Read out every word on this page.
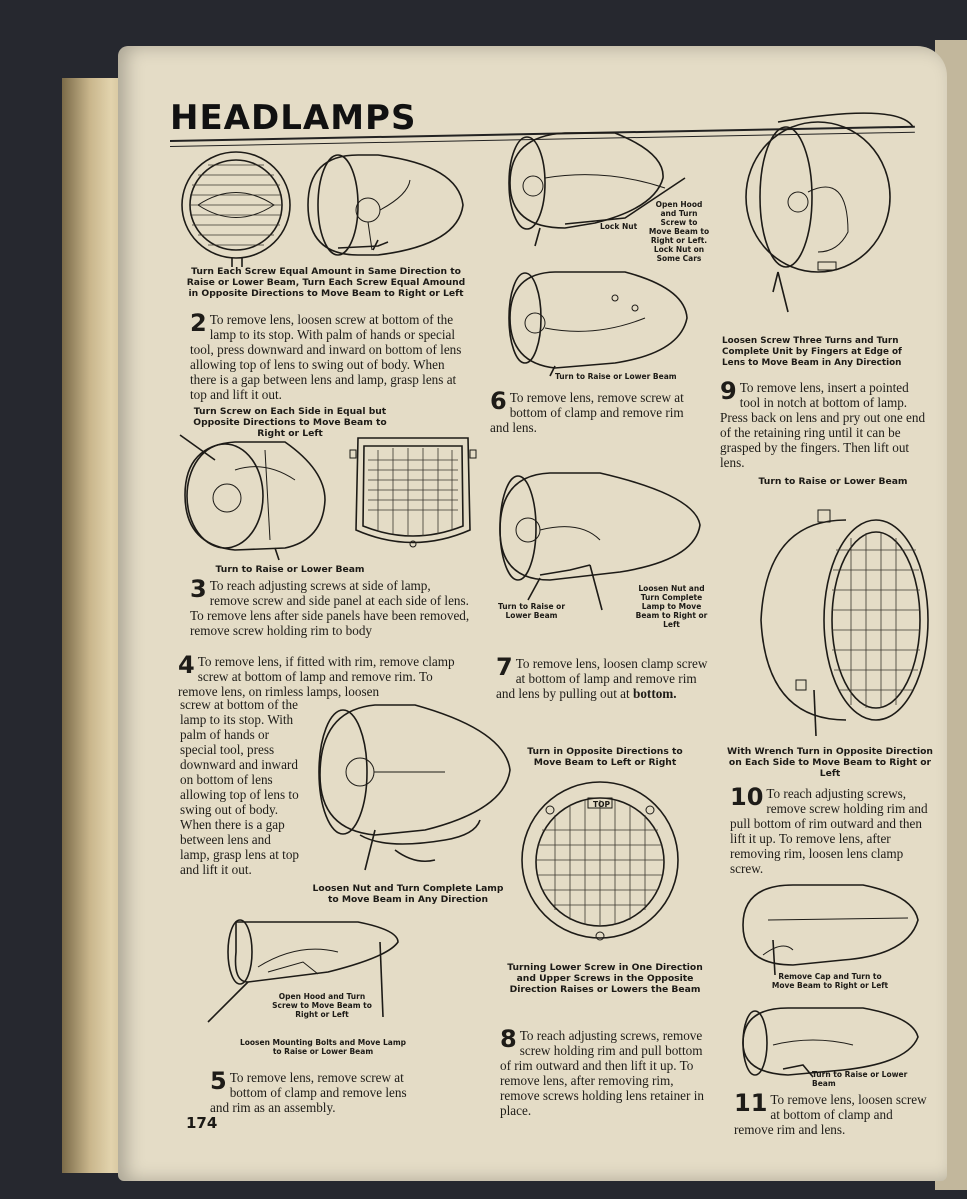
HEADLAMPS
Turn Each Screw Equal Amount in Same Direction to Raise or Lower Beam, Turn Each Screw Equal Amound in Opposite Directions to Move Beam to Right or Left
2 To remove lens, loosen screw at bottom of the lamp to its stop. With palm of hands or special tool, press downward and inward on bottom of lens allowing top of lens to swing out of body. When there is a gap between lens and lamp, grasp lens at top and lift it out.
Turn Screw on Each Side in Equal but Opposite Directions to Move Beam to Right or Left
Turn to Raise or Lower Beam
3 To reach adjusting screws at side of lamp, remove screw and side panel at each side of lens. To remove lens after side panels have been removed, remove screw holding rim to body
4 To remove lens, if fitted with rim, remove clamp screw at bottom of lamp and remove rim. To remove lens, on rimless lamps, loosen
screw at bottom of the lamp to its stop. With palm of hands or special tool, press downward and inward on bottom of lens allowing top of lens to swing out of body. When there is a gap between lens and lamp, grasp lens at top and lift it out.
Loosen Nut and Turn Complete Lamp to Move Beam in Any Direction
Open Hood and Turn Screw to Move Beam to Right or Left
Loosen Mounting Bolts and Move Lamp to Raise or Lower Beam
5 To remove lens, remove screw at bottom of clamp and remove lens and rim as an assembly.
174
Lock Nut
Open Hood and Turn Screw to Move Beam to Right or Left. Lock Nut on Some Cars
Turn to Raise or Lower Beam
6 To remove lens, remove screw at bottom of clamp and remove rim and lens.
Turn to Raise or Lower Beam
Loosen Nut and Turn Complete Lamp to Move Beam to Right or Left
7 To remove lens, loosen clamp screw at bottom of lamp and remove rim and lens by pulling out at bottom.
Turn in Opposite Directions to Move Beam to Left or Right
TOP
Turning Lower Screw in One Direction and Upper Screws in the Opposite Direction Raises or Lowers the Beam
8 To reach adjusting screws, remove screw holding rim and pull bottom of rim outward and then lift it up. To remove lens, after removing rim, remove screws holding lens retainer in place.
Loosen Screw Three Turns and Turn Complete Unit by Fingers at Edge of Lens to Move Beam in Any Direction
9 To remove lens, insert a pointed tool in notch at bottom of lamp. Press back on lens and pry out one end of the retaining ring until it can be grasped by the fingers. Then lift out lens.
Turn to Raise or Lower Beam
With Wrench Turn in Opposite Direction on Each Side to Move Beam to Right or Left
10 To reach adjusting screws, remove screw holding rim and pull bottom of rim outward and then lift it up. To remove lens, after removing rim, loosen lens clamp screw.
Remove Cap and Turn to Move Beam to Right or Left
Turn to Raise or Lower Beam
11 To remove lens, loosen screw at bottom of clamp and remove rim and lens.
